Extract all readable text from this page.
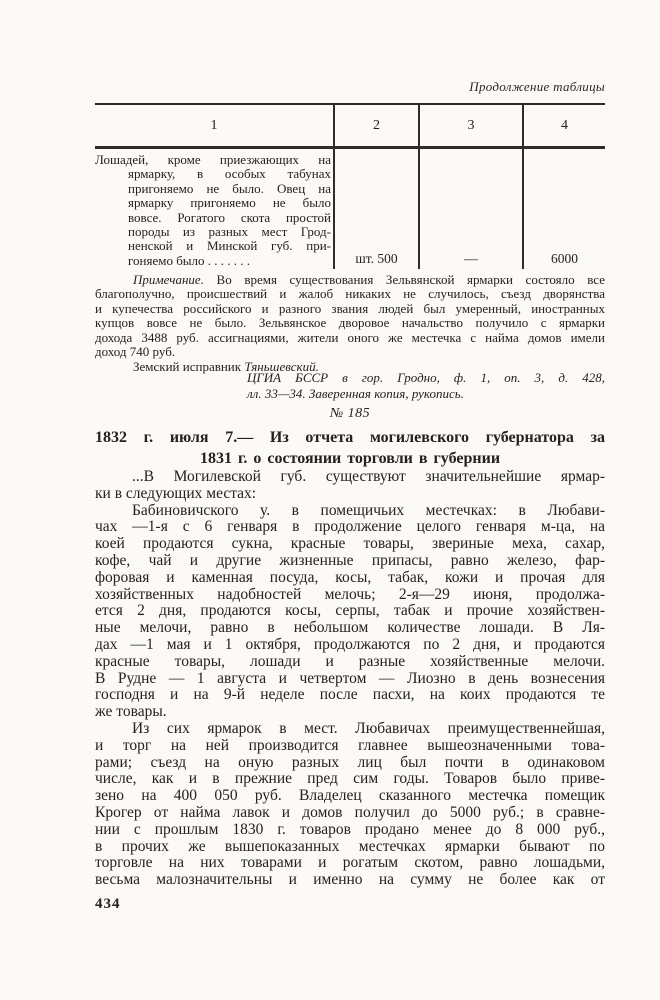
Продолжение таблицы
1	2	3	4
Лошадей, кроме приезжающих на
ярмарку, в особых табунах
пригоняемо не было. Овец на
ярмарку пригоняемо не было
вовсе. Рогатого скота простой
породы из разных мест Грод-
ненской и Минской губ. при-
гоняемо было . . . . . . .	шт. 500	—	6000
Примечание. Во время существования Зельвянской ярмарки состояло все
благополучно, происшествий и жалоб никаких не случилось, съезд дворянства
и купечества российского и разного звания людей был умеренный, иностранных
купцов вовсе не было. Зельвянское дворовое начальство получило с ярмарки
дохода 3488 руб. ассигнациями, жители оного же местечка с найма домов имели
доход 740 руб.
Земский исправник Тяньшевский.
ЦГИА БССР в гор. Гродно, ф. 1, оп. 3, д. 428,
лл. 33—34. Заверенная копия, рукопись.
№ 185
1832 г. июля 7.— Из отчета могилевского губернатора за
1831 г. о состоянии торговли в губернии
...В Могилевской губ. существуют значительнейшие ярмар-
ки в следующих местах:
Бабиновичского у. в помещичьих местечках: в Любави-
чах —1-я с 6 генваря в продолжение целого генваря м-ца, на
коей продаются сукна, красные товары, звериные меха, сахар,
кофе, чай и другие жизненные припасы, равно железо, фар-
форовая и каменная посуда, косы, табак, кожи и прочая для
хозяйственных надобностей мелочь; 2-я—29 июня, продолжа-
ется 2 дня, продаются косы, серпы, табак и прочие хозяйствен-
ные мелочи, равно в небольшом количестве лошади. В Ля-
дах —1 мая и 1 октября, продолжаются по 2 дня, и продаются
красные товары, лошади и разные хозяйственные мелочи.
В Рудне — 1 августа и четвертом — Лиозно в день вознесения
господня и на 9-й неделе после пасхи, на коих продаются те
же товары.
Из сих ярмарок в мест. Любавичах преимущественнейшая,
и торг на ней производится главнее вышеозначенными това-
рами; съезд на оную разных лиц был почти в одинаковом
числе, как и в прежние пред сим годы. Товаров было приве-
зено на 400 050 руб. Владелец сказанного местечка помещик
Крогер от найма лавок и домов получил до 5000 руб.; в сравне-
нии с прошлым 1830 г. товаров продано менее до 8 000 руб.,
в прочих же вышепоказанных местечках ярмарки бывают по
торговле на них товарами и рогатым скотом, равно лошадьми,
весьма малозначительны и именно на сумму не более как от
434
